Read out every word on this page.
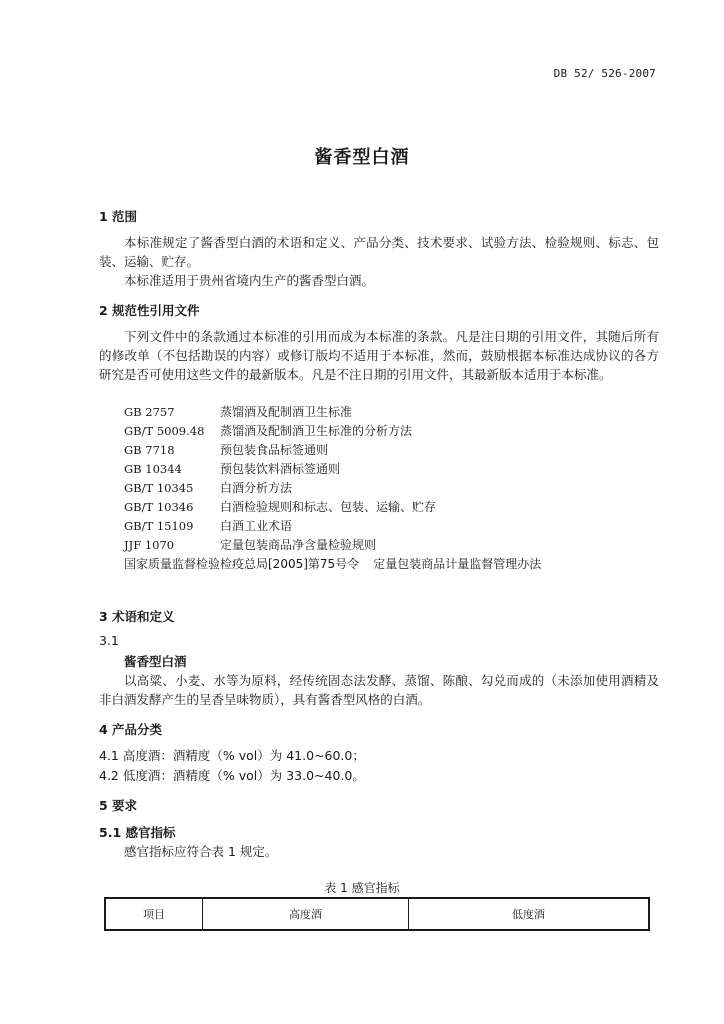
DB 52/ 526-2007
酱香型白酒
1 范围
本标准规定了酱香型白酒的术语和定义、产品分类、技术要求、试验方法、检验规则、标志、包装、运输、贮存。
本标准适用于贵州省境内生产的酱香型白酒。
2 规范性引用文件
下列文件中的条款通过本标准的引用而成为本标准的条款。凡是注日期的引用文件，其随后所有的修改单（不包括勘误的内容）或修订版均不适用于本标准，然而，鼓励根据本标准达成协议的各方研究是否可使用这些文件的最新版本。凡是不注日期的引用文件，其最新版本适用于本标准。
GB 2757	蒸馏酒及配制酒卫生标准
GB/T 5009.48 蒸馏酒及配制酒卫生标准的分析方法
GB 7718	预包装食品标签通则
GB 10344	预包装饮料酒标签通则
GB/T 10345 白酒分析方法
GB/T 10346 白酒检验规则和标志、包装、运输、贮存
GB/T 15109 白酒工业术语
JJF 1070	定量包装商品净含量检验规则
国家质量监督检验检疫总局[2005]第75号令 定量包装商品计量监督管理办法
3 术语和定义
3.1
酱香型白酒
以高粱、小麦、水等为原料，经传统固态法发酵、蒸馏、陈酿、勾兑而成的（未添加使用酒精及非白酒发酵产生的呈香呈味物质），具有酱香型风格的白酒。
4 产品分类
4.1 高度酒：酒精度（% vol）为 41.0~60.0；
4.2 低度酒：酒精度（% vol）为 33.0~40.0。
5 要求
5.1 感官指标
感官指标应符合表 1 规定。
表 1 感官指标
项目	高度酒	低度酒
